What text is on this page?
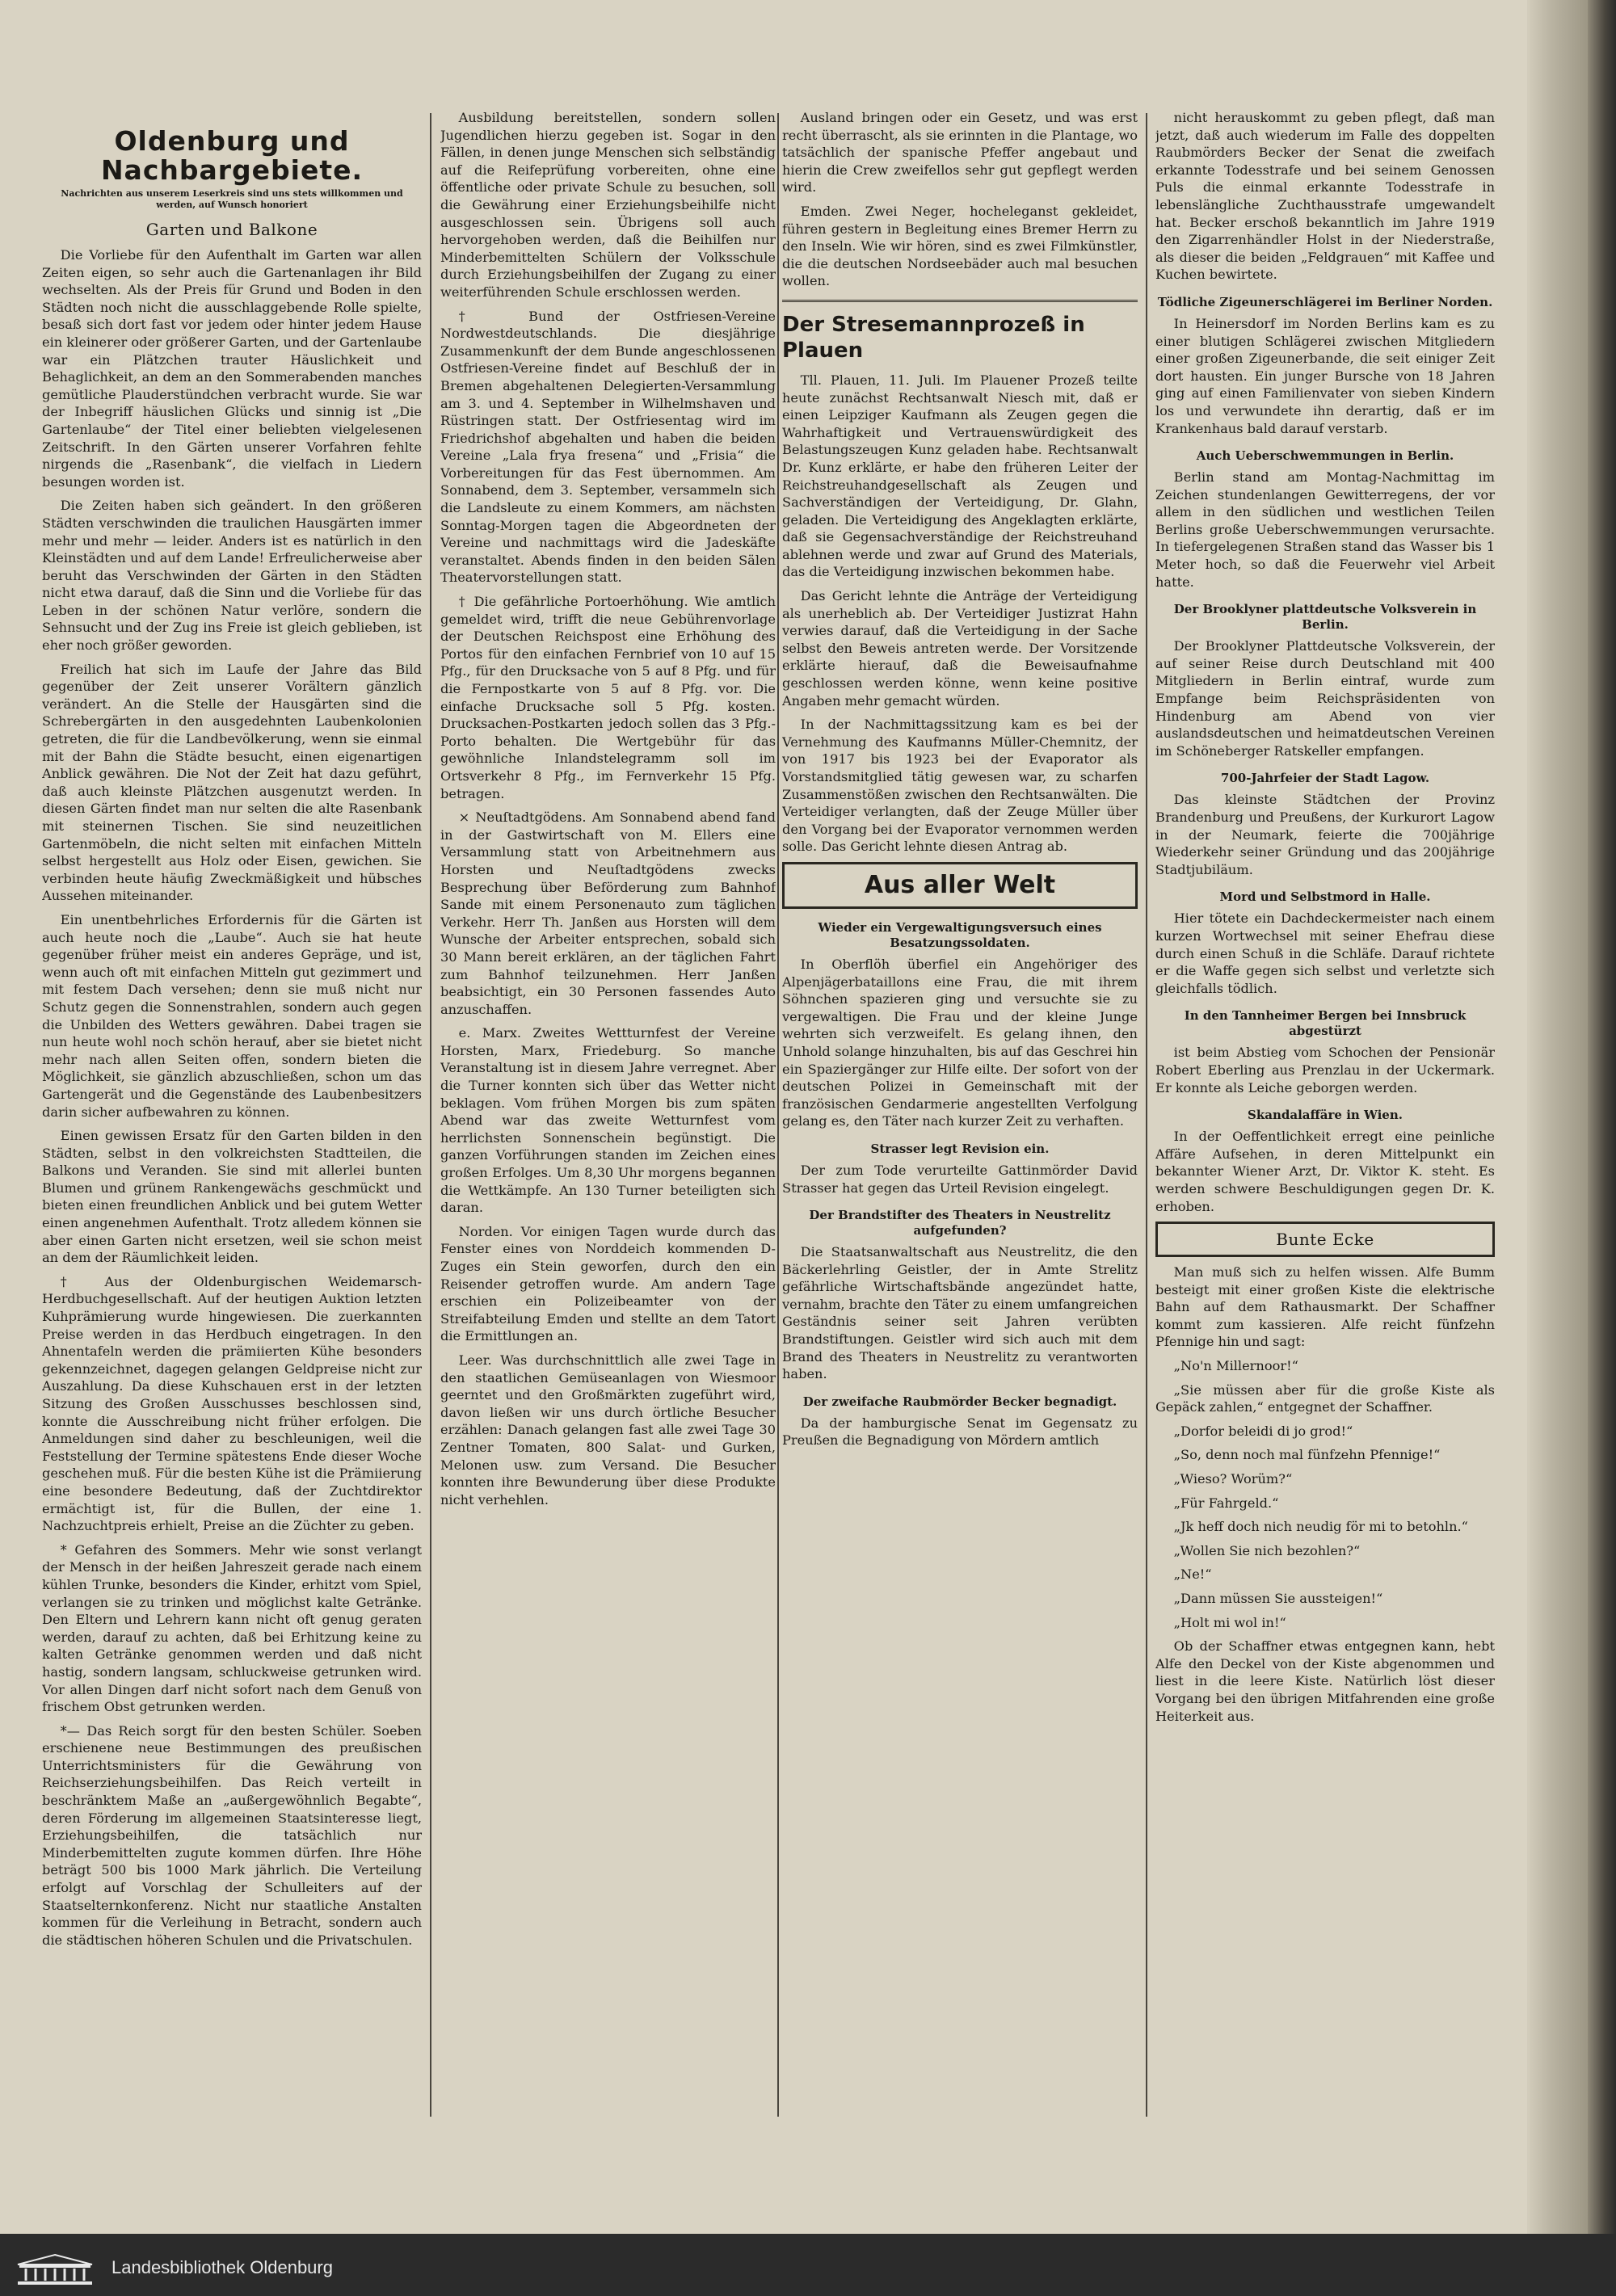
Oldenburg und Nachbargebiete.
Nachrichten aus unserem Leserkreis sind uns stets willkommen und werden, auf Wunsch honoriert
Garten und Balkone

Die Vorliebe für den Aufenthalt im Garten war allen Zeiten eigen, so sehr auch die Gartenanlagen ihr Bild wechselten. Als der Preis für Grund und Boden in den Städten noch nicht die ausschlaggebende Rolle spielte, besaß sich dort fast vor jedem oder hinter jedem Hause ein kleinerer oder größerer Garten, und der Gartenlaube war ein Plätzchen trauter Häuslichkeit und Behaglichkeit, an dem an den Sommerabenden manches gemütliche Plauderstündchen verbracht wurde. Sie war der Inbegriff häuslichen Glücks und sinnig ist „Die Gartenlaube“ der Titel einer beliebten vielgelesenen Zeitschrift. In den Gärten unserer Vorfahren fehlte nirgends die „Rasenbank“, die vielfach in Liedern besungen worden ist.

Die Zeiten haben sich geändert. In den größeren Städten verschwinden die traulichen Hausgärten immer mehr und mehr — leider. Anders ist es natürlich in den Kleinstädten und auf dem Lande! Erfreulicherweise aber beruht das Verschwinden der Gärten in den Städten nicht etwa darauf, daß die Sinn und die Vorliebe für das Leben in der schönen Natur verlöre, sondern die Sehnsucht und der Zug ins Freie ist gleich geblieben, ist eher noch größer geworden.

Freilich hat sich im Laufe der Jahre das Bild gegenüber der Zeit unserer Vorältern gänzlich verändert. An die Stelle der Hausgärten sind die Schrebergärten in den ausgedehnten Laubenkolonien getreten, die für die Landbevölkerung, wenn sie einmal mit der Bahn die Städte besucht, einen eigenartigen Anblick gewähren. Die Not der Zeit hat dazu geführt, daß auch kleinste Plätzchen ausgenutzt werden. In diesen Gärten findet man nur selten die alte Rasenbank mit steinernen Tischen. Sie sind neuzeitlichen Gartenmöbeln, die nicht selten mit einfachen Mitteln selbst hergestellt aus Holz oder Eisen, gewichen. Sie verbinden heute häufig Zweckmäßigkeit und hübsches Aussehen miteinander.

Ein unentbehrliches Erfordernis für die Gärten ist auch heute noch die „Laube“. Auch sie hat heute gegenüber früher meist ein anderes Gepräge, und ist, wenn auch oft mit einfachen Mitteln gut gezimmert und mit festem Dach versehen; denn sie muß nicht nur Schutz gegen die Sonnenstrahlen, sondern auch gegen die Unbilden des Wetters gewähren. Dabei tragen sie nun heute wohl noch schön herauf, aber sie bietet nicht mehr nach allen Seiten offen, sondern bieten die Möglichkeit, sie gänzlich abzuschließen, schon um das Gartengerät und die Gegenstände des Laubenbesitzers darin sicher aufbewahren zu können.

Einen gewissen Ersatz für den Garten bilden in den Städten, selbst in den volkreichsten Stadtteilen, die Balkons und Veranden. Sie sind mit allerlei bunten Blumen und grünem Rankengewächs geschmückt und bieten einen freundlichen Anblick und bei gutem Wetter einen angenehmen Aufenthalt. Trotz alledem können sie aber einen Garten nicht ersetzen, weil sie schon meist an dem der Räumlichkeit leiden.

† Aus der Oldenburgischen Weidemarsch-Herdbuchgesellschaft. Auf der heutigen Auktion letzten Kuhprämierung wurde hingewiesen. Die zuerkannten Preise werden in das Herdbuch eingetragen. In den Ahnentafeln werden die prämiierten Kühe besonders gekennzeichnet, dagegen gelangen Geldpreise nicht zur Auszahlung. Da diese Kuhschauen erst in der letzten Sitzung des Großen Ausschusses beschlossen sind, konnte die Ausschreibung nicht früher erfolgen. Die Anmeldungen sind daher zu beschleunigen, weil die Feststellung der Termine spätestens Ende dieser Woche geschehen muß. Für die besten Kühe ist die Prämiierung eine besondere Bedeutung, daß der Zuchtdirektor ermächtigt ist, für die Bullen, der eine 1. Nachzuchtpreis erhielt, Preise an die Züchter zu geben.

* Gefahren des Sommers. Mehr wie sonst verlangt der Mensch in der heißen Jahreszeit gerade nach einem kühlen Trunke, besonders die Kinder, erhitzt vom Spiel, verlangen sie zu trinken und möglichst kalte Getränke. Den Eltern und Lehrern kann nicht oft genug geraten werden, darauf zu achten, daß bei Erhitzung keine zu kalten Getränke genommen werden und daß nicht hastig, sondern langsam, schluckweise getrunken wird. Vor allen Dingen darf nicht sofort nach dem Genuß von frischem Obst getrunken werden.

*— Das Reich sorgt für den besten Schüler. Soeben erschienene neue Bestimmungen des preußischen Unterrichtsministers für die Gewährung von Reichserziehungsbeihilfen. Das Reich verteilt in beschränktem Maße an „außergewöhnlich Begabte“, deren Förderung im allgemeinen Staatsinteresse liegt, Erziehungsbeihilfen, die tatsächlich nur Minderbemittelten zugute kommen dürfen. Ihre Höhe beträgt 500 bis 1000 Mark jährlich. Die Verteilung erfolgt auf Vorschlag der Schulleiters auf der Staatselternkonferenz. Nicht nur staatliche Anstalten kommen für die Verleihung in Betracht, sondern auch die städtischen höheren Schulen und die Privatschulen.

Ausbildung bereitstellen, sondern sollen Jugendlichen hierzu gegeben ist. Sogar in den Fällen, in denen junge Menschen sich selbständig auf die Reifeprüfung vorbereiten, ohne eine öffentliche oder private Schule zu besuchen, soll die Gewährung einer Erziehungsbeihilfe nicht ausgeschlossen sein. Übrigens soll auch hervorgehoben werden, daß die Beihilfen nur Minderbemittelten Schülern der Volksschule durch Erziehungsbeihilfen der Zugang zu einer weiterführenden Schule erschlossen werden.

† Bund der Ostfriesen-Vereine Nordwestdeutschlands. Die diesjährige Zusammenkunft der dem Bunde angeschlossenen Ostfriesen-Vereine findet auf Beschluß der in Bremen abgehaltenen Delegierten-Versammlung am 3. und 4. September in Wilhelmshaven und Rüstringen statt. Der Ostfriesentag wird im Friedrichshof abgehalten und haben die beiden Vereine „Lala frya fresena“ und „Frisia“ die Vorbereitungen für das Fest übernommen. Am Sonnabend, dem 3. September, versammeln sich die Landsleute zu einem Kommers, am nächsten Sonntag-Morgen tagen die Abgeordneten der Vereine und nachmittags wird die Jadeskäfte veranstaltet. Abends finden in den beiden Sälen Theatervorstellungen statt.

† Die gefährliche Portoerhöhung. Wie amtlich gemeldet wird, trifft die neue Gebührenvorlage der Deutschen Reichspost eine Erhöhung des Portos für den einfachen Fernbrief von 10 auf 15 Pfg., für den Drucksache von 5 auf 8 Pfg. und für die Fernpostkarte von 5 auf 8 Pfg. vor. Die einfache Drucksache soll 5 Pfg. kosten. Drucksachen-Postkarten jedoch sollen das 3 Pfg.-Porto behalten. Die Wertgebühr für das gewöhnliche Inlandstelegramm soll im Ortsverkehr 8 Pfg., im Fernverkehr 15 Pfg. betragen.

× Neuſtadtgödens. Am Sonnabend abend fand in der Gastwirtschaft von M. Ellers eine Versammlung statt von Arbeitnehmern aus Horsten und Neuſtadtgödens zwecks Besprechung über Beförderung zum Bahnhof Sande mit einem Personenauto zum täglichen Verkehr. Herr Th. Janßen aus Horsten will dem Wunsche der Arbeiter entsprechen, sobald sich 30 Mann bereit erklären, an der täglichen Fahrt zum Bahnhof teilzunehmen. Herr Janßen beabsichtigt, ein 30 Personen fassendes Auto anzuschaffen.

e. Marx. Zweites Wettturnfest der Vereine Horsten, Marx, Friedeburg. So manche Veranstaltung ist in diesem Jahre verregnet. Aber die Turner konnten sich über das Wetter nicht beklagen. Vom frühen Morgen bis zum späten Abend war das zweite Wetturnfest vom herrlichsten Sonnenschein begünstigt. Die ganzen Vorführungen standen im Zeichen eines großen Erfolges. Um 8,30 Uhr morgens begannen die Wettkämpfe. An 130 Turner beteiligten sich daran.

Norden. Vor einigen Tagen wurde durch das Fenster eines von Norddeich kommenden D-Zuges ein Stein geworfen, durch den ein Reisender getroffen wurde. Am andern Tage erschien ein Polizeibeamter von der Streifabteilung Emden und stellte an dem Tatort die Ermittlungen an.

Leer. Was durchschnittlich alle zwei Tage in den staatlichen Gemüseanlagen von Wiesmoor geerntet und den Großmärkten zugeführt wird, davon ließen wir uns durch örtliche Besucher erzählen: Danach gelangen fast alle zwei Tage 30 Zentner Tomaten, 800 Salat- und Gurken, Melonen usw. zum Versand. Die Besucher konnten ihre Bewunderung über diese Produkte nicht verhehlen.

Ausland bringen oder ein Gesetz, und was erst recht überrascht, als sie erinnten in die Plantage, wo tatsächlich der spanische Pfeffer angebaut und hierin die Crew zweifellos sehr gut gepflegt werden wird.

Emden. Zwei Neger, hocheleganst gekleidet, führen gestern in Begleitung eines Bremer Herrn zu den Inseln. Wie wir hören, sind es zwei Filmkünstler, die die deutschen Nordseebäder auch mal besuchen wollen.

Der Stresemannprozeß in Plauen

Tll. Plauen, 11. Juli. Im Plauener Prozeß teilte heute zunächst Rechtsanwalt Niesch mit, daß er einen Leipziger Kaufmann als Zeugen gegen die Wahrhaftigkeit und Vertrauenswürdigkeit des Belastungszeugen Kunz geladen habe. Rechtsanwalt Dr. Kunz erklärte, er habe den früheren Leiter der Reichstreuhandgesellschaft als Zeugen und Sachverständigen der Verteidigung, Dr. Glahn, geladen. Die Verteidigung des Angeklagten erklärte, daß sie Gegensachverständige der Reichstreuhand ablehnen werde und zwar auf Grund des Materials, das die Verteidigung inzwischen bekommen habe.

Das Gericht lehnte die Anträge der Verteidigung als unerheblich ab. Der Verteidiger Justizrat Hahn verwies darauf, daß die Verteidigung in der Sache selbst den Beweis antreten werde. Der Vorsitzende erklärte hierauf, daß die Beweisaufnahme geschlossen werden könne, wenn keine positive Angaben mehr gemacht würden.

In der Nachmittagssitzung kam es bei der Vernehmung des Kaufmanns Müller-Chemnitz, der von 1917 bis 1923 bei der Evaporator als Vorstandsmitglied tätig gewesen war, zu scharfen Zusammenstößen zwischen den Rechtsanwälten. Die Verteidiger verlangten, daß der Zeuge Müller über den Vorgang bei der Evaporator vernommen werden solle. Das Gericht lehnte diesen Antrag ab.

Aus aller Welt
Wieder ein Vergewaltigungsversuch eines Besatzungssoldaten.

In Oberflöh überfiel ein Angehöriger des Alpenjägerbataillons eine Frau, die mit ihrem Söhnchen spazieren ging und versuchte sie zu vergewaltigen. Die Frau und der kleine Junge wehrten sich verzweifelt. Es gelang ihnen, den Unhold solange hinzuhalten, bis auf das Geschrei hin ein Spaziergänger zur Hilfe eilte. Der sofort von der deutschen Polizei in Gemeinschaft mit der französischen Gendarmerie angestellten Verfolgung gelang es, den Täter nach kurzer Zeit zu verhaften.

Strasser legt Revision ein.

Der zum Tode verurteilte Gattinmörder David Strasser hat gegen das Urteil Revision eingelegt.

Der Brandstifter des Theaters in Neustrelitz aufgefunden?

Die Staatsanwaltschaft aus Neustrelitz, die den Bäckerlehrling Geistler, der in Amte Strelitz gefährliche Wirtschaftsbände angezündet hatte, vernahm, brachte den Täter zu einem umfangreichen Geständnis seiner seit Jahren verübten Brandstiftungen. Geistler wird sich auch mit dem Brand des Theaters in Neustrelitz zu verantworten haben.

Der zweifache Raubmörder Becker begnadigt.

Da der hamburgische Senat im Gegensatz zu Preußen die Begnadigung von Mördern amtlich

nicht herauskommt zu geben pflegt, daß man jetzt, daß auch wiederum im Falle des doppelten Raubmörders Becker der Senat die zweifach erkannte Todesstrafe und bei seinem Genossen Puls die einmal erkannte Todesstrafe in lebenslängliche Zuchthausstrafe umgewandelt hat. Becker erschoß bekanntlich im Jahre 1919 den Zigarrenhändler Holst in der Niederstraße, als dieser die beiden „Feldgrauen“ mit Kaffee und Kuchen bewirtete.

Tödliche Zigeunerschlägerei im Berliner Norden.

In Heinersdorf im Norden Berlins kam es zu einer blutigen Schlägerei zwischen Mitgliedern einer großen Zigeunerbande, die seit einiger Zeit dort hausten. Ein junger Bursche von 18 Jahren ging auf einen Familienvater von sieben Kindern los und verwundete ihn derartig, daß er im Krankenhaus bald darauf verstarb.

Auch Ueberschwemmungen in Berlin.

Berlin stand am Montag-Nachmittag im Zeichen stundenlangen Gewitterregens, der vor allem in den südlichen und westlichen Teilen Berlins große Ueberschwemmungen verursachte. In tiefergelegenen Straßen stand das Wasser bis 1 Meter hoch, so daß die Feuerwehr viel Arbeit hatte.

Der Brooklyner plattdeutsche Volksverein in Berlin.

Der Brooklyner Plattdeutsche Volksverein, der auf seiner Reise durch Deutschland mit 400 Mitgliedern in Berlin eintraf, wurde zum Empfange beim Reichspräsidenten von Hindenburg am Abend von vier auslandsdeutschen und heimatdeutschen Vereinen im Schöneberger Ratskeller empfangen.

700-Jahrfeier der Stadt Lagow.

Das kleinste Städtchen der Provinz Brandenburg und Preußens, der Kurkurort Lagow in der Neumark, feierte die 700jährige Wiederkehr seiner Gründung und das 200jährige Stadtjubiläum.

Mord und Selbstmord in Halle.

Hier tötete ein Dachdeckermeister nach einem kurzen Wortwechsel mit seiner Ehefrau diese durch einen Schuß in die Schläfe. Darauf richtete er die Waffe gegen sich selbst und verletzte sich gleichfalls tödlich.

In den Tannheimer Bergen bei Innsbruck abgestürzt

ist beim Abstieg vom Schochen der Pensionär Robert Eberling aus Prenzlau in der Uckermark. Er konnte als Leiche geborgen werden.

Skandalaffäre in Wien.

In der Oeffentlichkeit erregt eine peinliche Affäre Aufsehen, in deren Mittelpunkt ein bekannter Wiener Arzt, Dr. Viktor K. steht. Es werden schwere Beschuldigungen gegen Dr. K. erhoben.

Bunte Ecke

Man muß sich zu helfen wissen. Alfe Bumm besteigt mit einer großen Kiste die elektrische Bahn auf dem Rathausmarkt. Der Schaffner kommt zum kassieren. Alfe reicht fünfzehn Pfennige hin und sagt:

„No'n Millernoor!“

„Sie müssen aber für die große Kiste als Gepäck zahlen,“ entgegnet der Schaffner.

„Dorfor beleidi di jo grod!“

„So, denn noch mal fünfzehn Pfennige!“

„Wieso? Worüm?“

„Für Fahrgeld.“

„Jk heff doch nich neudig för mi to betohln.“

„Wollen Sie nich bezohlen?“

„Ne!“

„Dann müssen Sie aussteigen!“

„Holt mi wol in!“

Ob der Schaffner etwas entgegnen kann, hebt Alfe den Deckel von der Kiste abgenommen und liest in die leere Kiste. Natürlich löst dieser Vorgang bei den übrigen Mitfahrenden eine große Heiterkeit aus.

Landesbibliothek Oldenburg
